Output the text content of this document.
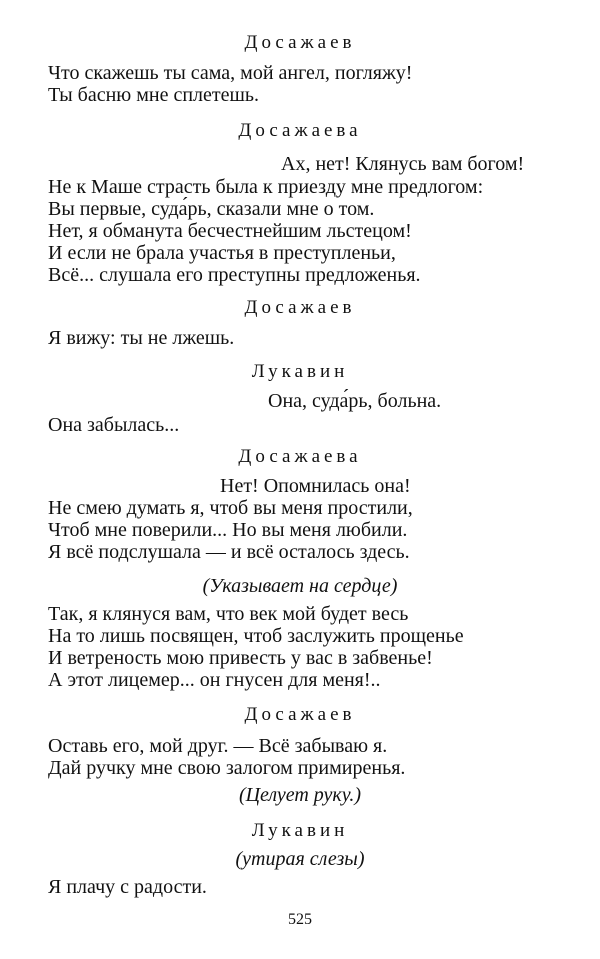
Досажаев
Что скажешь ты сама, мой ангел, погляжу!
Ты басню мне сплетешь.
Досажаева
Ах, нет! Клянусь вам богом!
Не к Маше страсть была к приезду мне предлогом:
Вы первые, суда́рь, сказали мне о том.
Нет, я обманута бесчестнейшим льстецом!
И если не брала участья в преступленьи,
Всё... слушала его преступны предложенья.
Досажаев
Я вижу: ты не лжешь.
Лукавин
Она, суда́рь, больна.
Она забылась...
Досажаева
Нет! Опомнилась она!
Не смею думать я, чтоб вы меня простили,
Чтоб мне поверили... Но вы меня любили.
Я всё подслушала — и всё осталось здесь.
(Указывает на сердце)
Так, я клянуся вам, что век мой будет весь
На то лишь посвящен, чтоб заслужить прощенье
И ветреность мою привесть у вас в забвенье!
А этот лицемер... он гнусен для меня!..
Досажаев
Оставь его, мой друг. — Всё забываю я.
Дай ручку мне свою залогом примиренья.
(Целует руку.)
Лукавин
(утирая слезы)
Я плачу с радости.
525
